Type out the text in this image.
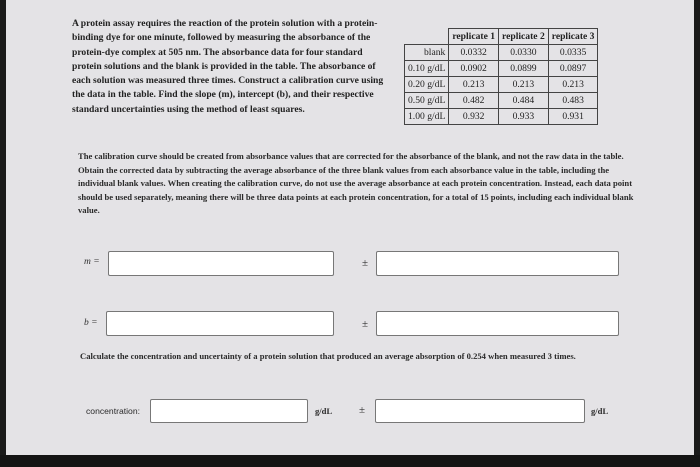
A protein assay requires the reaction of the protein solution with a protein-binding dye for one minute, followed by measuring the absorbance of the protein-dye complex at 505 nm. The absorbance data for four standard protein solutions and the blank is provided in the table. The absorbance of each solution was measured three times. Construct a calibration curve using the data in the table. Find the slope (m), intercept (b), and their respective standard uncertainties using the method of least squares.
	replicate 1	replicate 2	replicate 3
blank	0.0332	0.0330	0.0335
0.10 g/dL	0.0902	0.0899	0.0897
0.20 g/dL	0.213	0.213	0.213
0.50 g/dL	0.482	0.484	0.483
1.00 g/dL	0.932	0.933	0.931
The calibration curve should be created from absorbance values that are corrected for the absorbance of the blank, and not the raw data in the table. Obtain the corrected data by subtracting the average absorbance of the three blank values from each absorbance value in the table, including the individual blank values. When creating the calibration curve, do not use the average absorbance at each protein concentration. Instead, each data point should be used separately, meaning there will be three data points at each protein concentration, for a total of 15 points, including each individual blank value.
m =	±
b =	±
Calculate the concentration and uncertainty of a protein solution that produced an average absorption of 0.254 when measured 3 times.
concentration:	g/dL ±	g/dL
